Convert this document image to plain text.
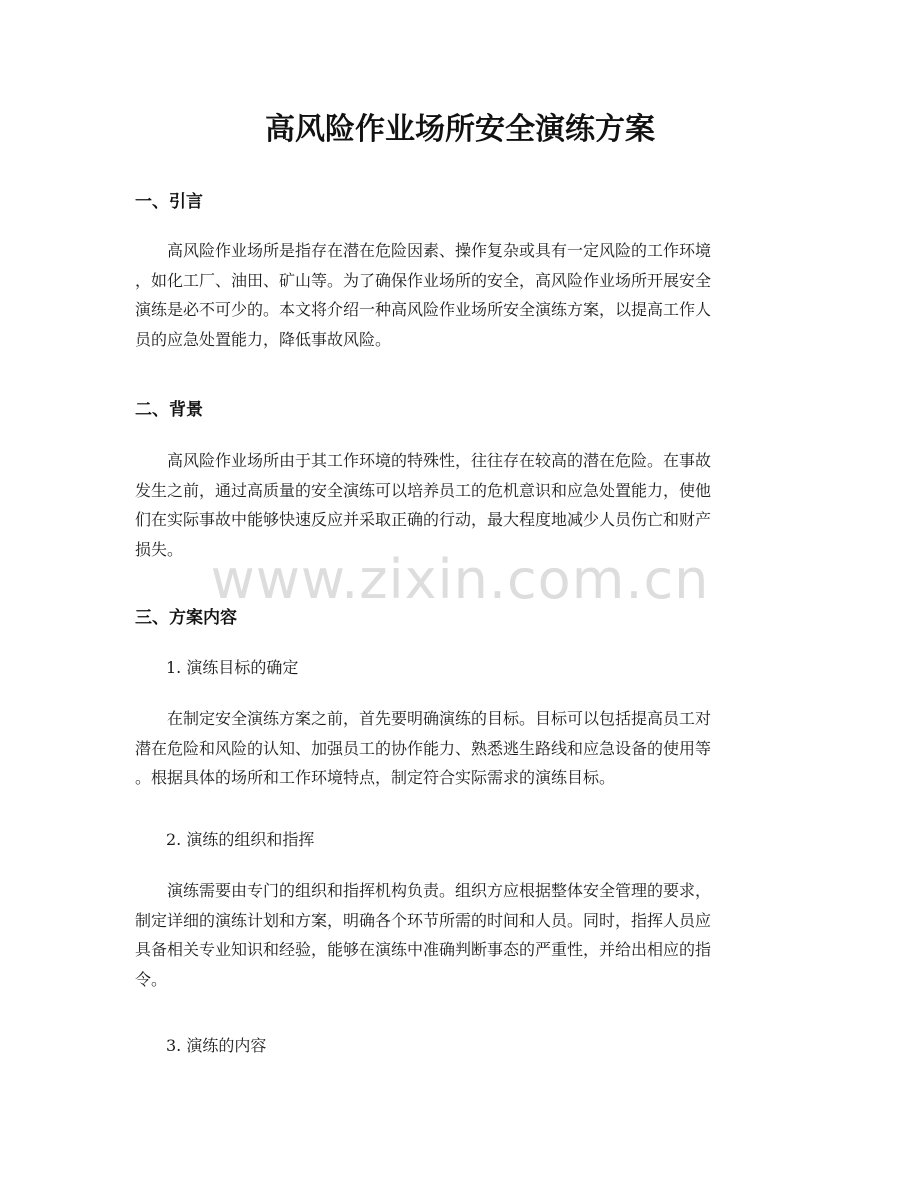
高风险作业场所安全演练方案
一、引言

高风险作业场所是指存在潜在危险因素、操作复杂或具有一定风险的工作环境
，如化工厂、油田、矿山等。为了确保作业场所的安全，高风险作业场所开展安全
演练是必不可少的。本文将介绍一种高风险作业场所安全演练方案，以提高工作人
员的应急处置能力，降低事故风险。

二、背景

高风险作业场所由于其工作环境的特殊性，往往存在较高的潜在危险。在事故
发生之前，通过高质量的安全演练可以培养员工的危机意识和应急处置能力，使他
们在实际事故中能够快速反应并采取正确的行动，最大程度地减少人员伤亡和财产
损失。

三、方案内容

1. 演练目标的确定

在制定安全演练方案之前，首先要明确演练的目标。目标可以包括提高员工对
潜在危险和风险的认知、加强员工的协作能力、熟悉逃生路线和应急设备的使用等
。根据具体的场所和工作环境特点，制定符合实际需求的演练目标。

2. 演练的组织和指挥

演练需要由专门的组织和指挥机构负责。组织方应根据整体安全管理的要求，
制定详细的演练计划和方案，明确各个环节所需的时间和人员。同时，指挥人员应
具备相关专业知识和经验，能够在演练中准确判断事态的严重性，并给出相应的指
令。

3. 演练的内容

www.zixin.com.cn
